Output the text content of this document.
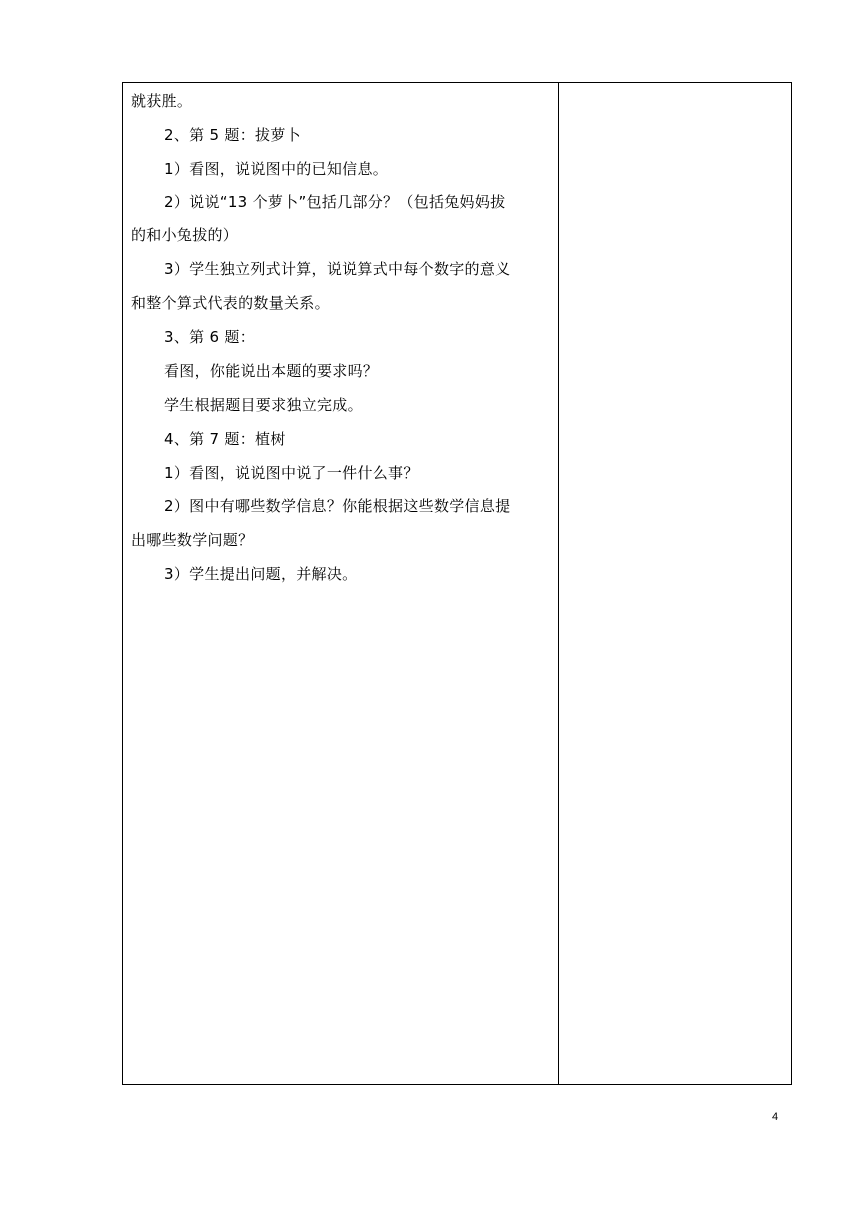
就获胜。
2、第 5 题：拔萝卜
1）看图，说说图中的已知信息。
2）说说“13 个萝卜”包括几部分？（包括兔妈妈拔
的和小兔拔的）
3）学生独立列式计算，说说算式中每个数字的意义
和整个算式代表的数量关系。
3、第 6 题：
看图，你能说出本题的要求吗？
学生根据题目要求独立完成。
4、第 7 题：植树
1）看图，说说图中说了一件什么事？
2）图中有哪些数学信息？你能根据这些数学信息提
出哪些数学问题？
3）学生提出问题，并解决。
4
